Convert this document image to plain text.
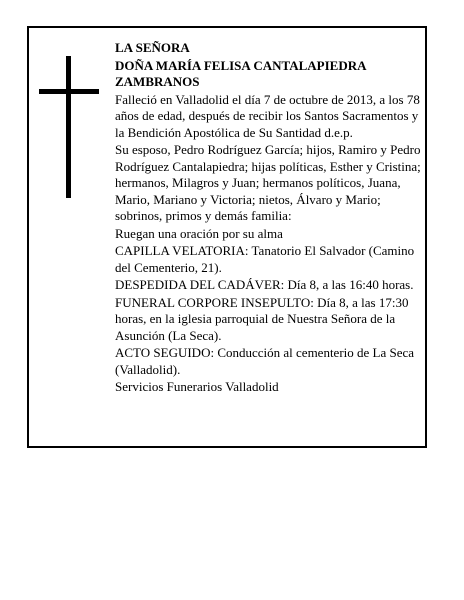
LA SEÑORA

DOÑA MARÍA FELISA CANTALAPIEDRA ZAMBRANOS

Falleció en Valladolid el día 7 de octubre de 2013, a los 78 años de edad, después de recibir los Santos Sacramentos y la Bendición Apostólica de Su Santidad d.e.p.

Su esposo, Pedro Rodríguez García; hijos, Ramiro y Pedro Rodríguez Cantalapiedra; hijas políticas, Esther y Cristina; hermanos, Milagros y Juan; hermanos políticos, Juana, Mario, Mariano y Victoria; nietos, Álvaro y Mario; sobrinos, primos y demás familia:

Ruegan una oración por su alma

CAPILLA VELATORIA: Tanatorio El Salvador (Camino del Cementerio, 21).

DESPEDIDA DEL CADÁVER: Día 8, a las 16:40 horas.

FUNERAL CORPORE INSEPULTO: Día 8, a las 17:30 horas, en la iglesia parroquial de Nuestra Señora de la Asunción (La Seca).

ACTO SEGUIDO: Conducción al cementerio de La Seca (Valladolid).

Servicios Funerarios Valladolid
